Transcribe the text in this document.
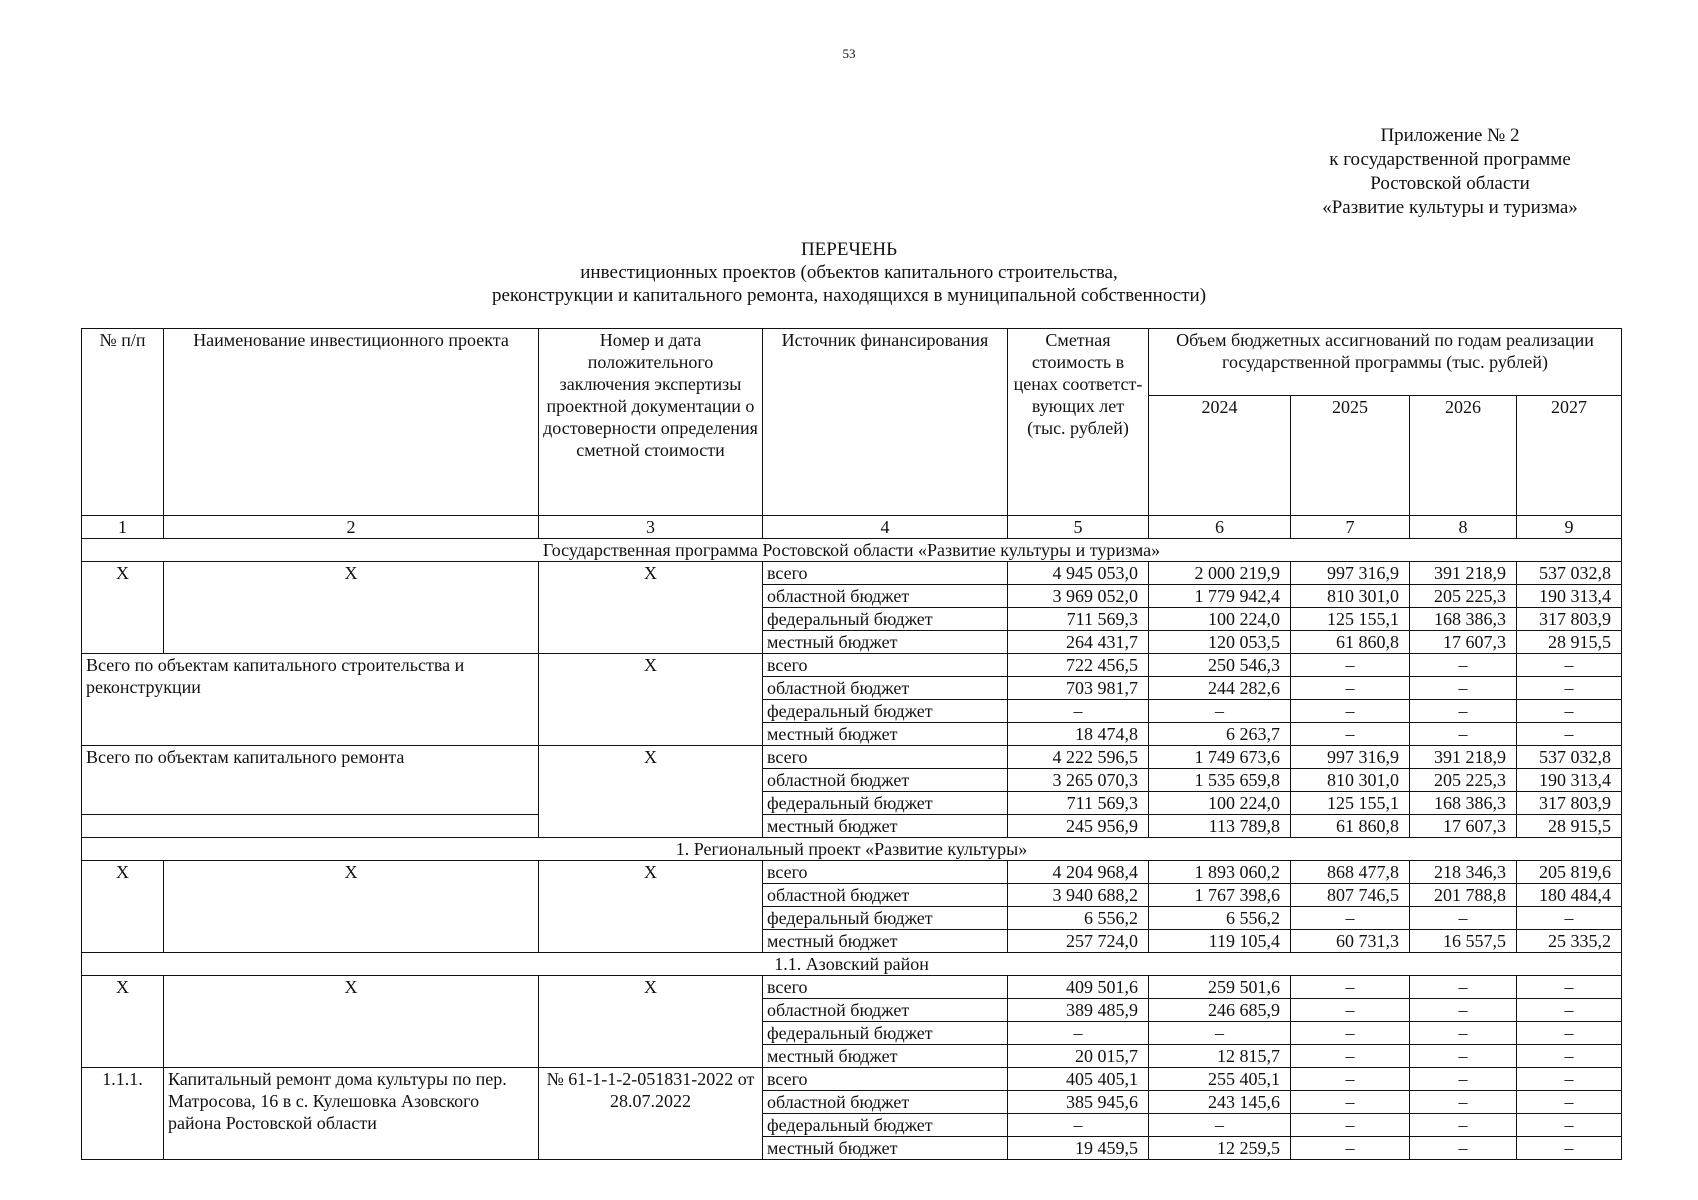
53
Приложение № 2
к государственной программе
Ростовской области
«Развитие культуры и туризма»
ПЕРЕЧЕНЬ
инвестиционных проектов (объектов капитального строительства,
реконструкции и капитального ремонта, находящихся в муниципальной собственности)
№ п/п	Наименование инвестиционного проекта	Номер и дата положительного заключения экспертизы проектной документации о достоверности определения сметной стоимости	Источник финансирования	Сметная стоимость в ценах соответст-вующих лет (тыс. рублей)	Объем бюджетных ассигнований по годам реализации государственной программы (тыс. рублей)			
					2024	2025	2026	2027
1	2	3	4	5	6	7	8	9
Государственная программа Ростовской области «Развитие культуры и туризма»								
Х	Х	Х	всего	4 945 053,0	2 000 219,9	997 316,9	391 218,9	537 032,8
			областной бюджет	3 969 052,0	1 779 942,4	810 301,0	205 225,3	190 313,4
			федеральный бюджет	711 569,3	100 224,0	125 155,1	168 386,3	317 803,9
			местный бюджет	264 431,7	120 053,5	61 860,8	17 607,3	28 915,5
Всего по объектам капитального строительства и реконструкции		Х	всего	722 456,5	250 546,3	–	–	–
			областной бюджет	703 981,7	244 282,6	–	–	–
			федеральный бюджет	–	–	–	–	–
			местный бюджет	18 474,8	6 263,7	–	–	–
Всего по объектам капитального ремонта		Х	всего	4 222 596,5	1 749 673,6	997 316,9	391 218,9	537 032,8
			областной бюджет	3 265 070,3	1 535 659,8	810 301,0	205 225,3	190 313,4
			федеральный бюджет	711 569,3	100 224,0	125 155,1	168 386,3	317 803,9
			местный бюджет	245 956,9	113 789,8	61 860,8	17 607,3	28 915,5
1. Региональный проект «Развитие культуры»								
Х	Х	Х	всего	4 204 968,4	1 893 060,2	868 477,8	218 346,3	205 819,6
			областной бюджет	3 940 688,2	1 767 398,6	807 746,5	201 788,8	180 484,4
			федеральный бюджет	6 556,2	6 556,2	–	–	–
			местный бюджет	257 724,0	119 105,4	60 731,3	16 557,5	25 335,2
1.1. Азовский район								
Х	Х	Х	всего	409 501,6	259 501,6	–	–	–
			областной бюджет	389 485,9	246 685,9	–	–	–
			федеральный бюджет	–	–	–	–	–
			местный бюджет	20 015,7	12 815,7	–	–	–
1.1.1.	Капитальный ремонт дома культуры по пер. Матросова, 16 в с. Кулешовка Азовского района Ростовской области	№ 61-1-1-2-051831-2022 от 28.07.2022	всего	405 405,1	255 405,1	–	–	–
			областной бюджет	385 945,6	243 145,6	–	–	–
			федеральный бюджет	–	–	–	–	–
			местный бюджет	19 459,5	12 259,5	–	–	–
